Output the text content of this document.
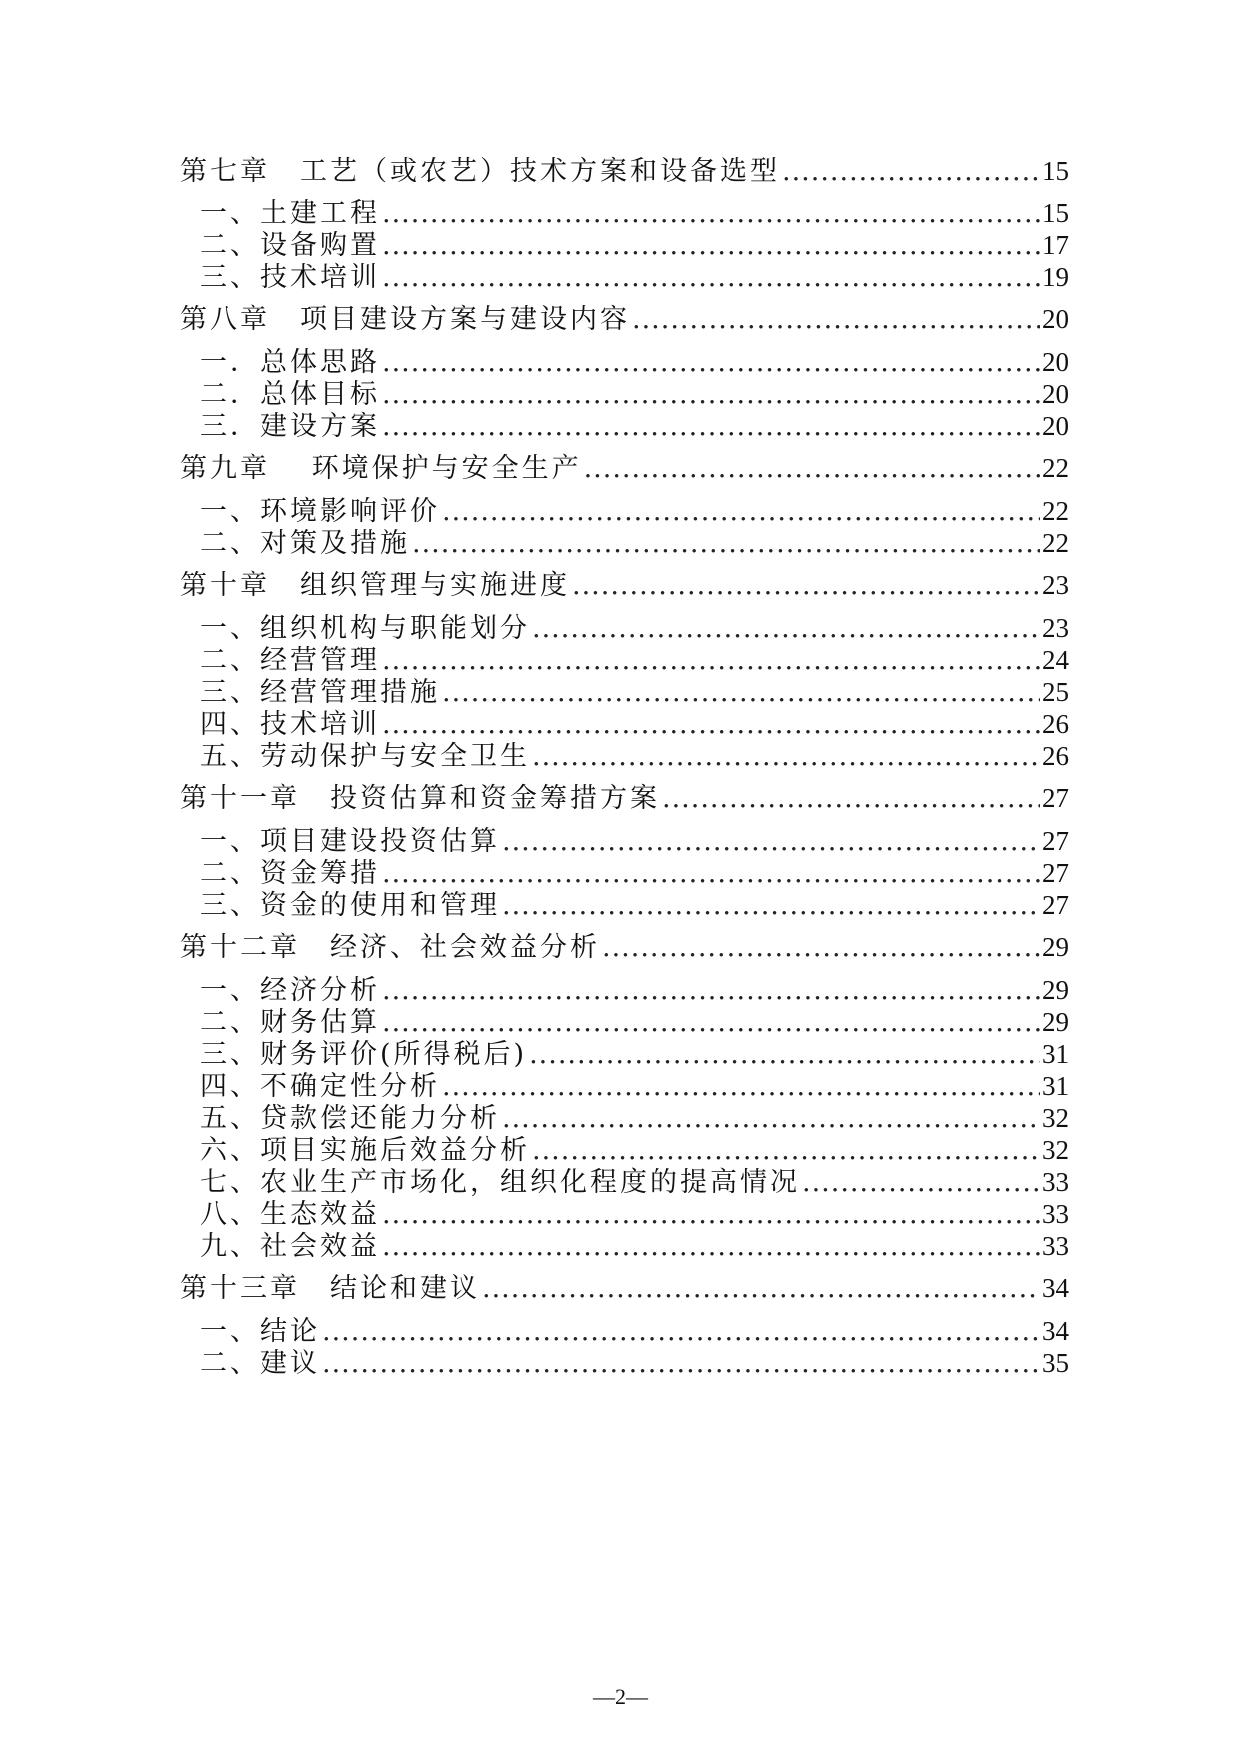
第七章　工艺（或农艺）技术方案和设备选型 .....	15
一、土建工程 .....	15
二、设备购置 .....	17
三、技术培训 .....	19
第八章　项目建设方案与建设内容 .....	20
一．总体思路 .....	20
二．总体目标 .....	20
三．建设方案 .....	20
第九章　 环境保护与安全生产 .....	22
一、环境影响评价 .....	22
二、对策及措施 .....	22
第十章　组织管理与实施进度 .....	23
一、组织机构与职能划分 .....	23
二、经营管理 .....	24
三、经营管理措施 .....	25
四、技术培训 .....	26
五、劳动保护与安全卫生 .....	26
第十一章　投资估算和资金筹措方案 .....	27
一、项目建设投资估算 .....	27
二、资金筹措 .....	27
三、资金的使用和管理 .....	27
第十二章　经济、社会效益分析 .....	29
一、经济分析 .....	29
二、财务估算 .....	29
三、财务评价(所得税后) .....	31
四、不确定性分析 .....	31
五、贷款偿还能力分析 .....	32
六、项目实施后效益分析 .....	32
七、农业生产市场化，组织化程度的提高情况 .....	33
八、生态效益 .....	33
九、社会效益 .....	33
第十三章　结论和建议 .....	34
一、结论 .....	34
二、建议 .....	35
—2—
